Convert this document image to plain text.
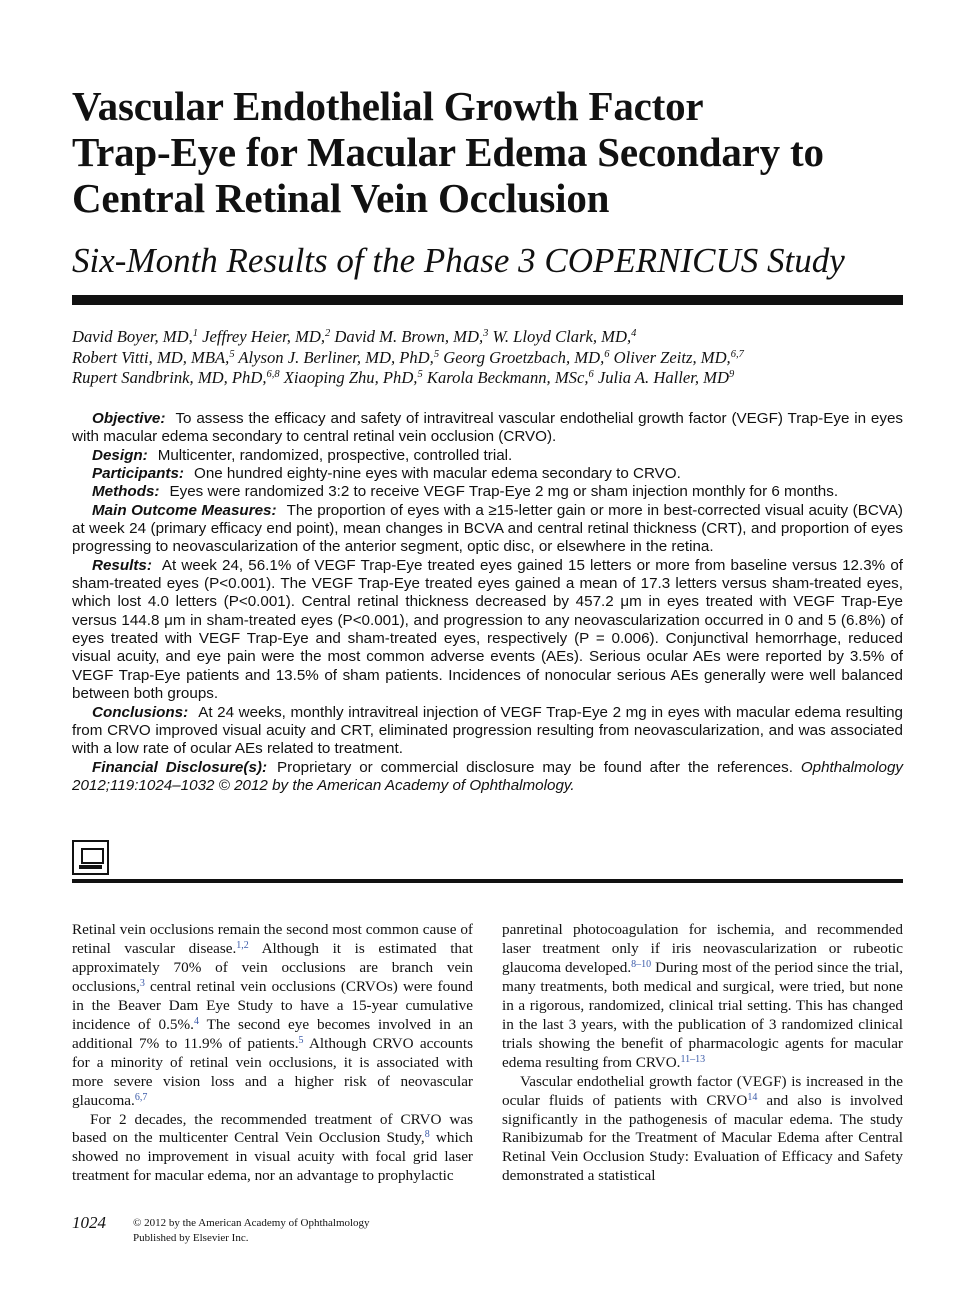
Vascular Endothelial Growth Factor
Trap-Eye for Macular Edema Secondary to
Central Retinal Vein Occlusion
Six-Month Results of the Phase 3 COPERNICUS Study
David Boyer, MD,$^1$ Jeffrey Heier, MD,$^2$ David M. Brown, MD,$^3$ W. Lloyd Clark, MD,$^4$
Robert Vitti, MD, MBA,$^5$ Alyson J. Berliner, MD, PhD,$^5$ Georg Groetzbach, MD,$^6$ Oliver Zeitz, MD,$^{6,7}$
Rupert Sandbrink, MD, PhD,$^{6,8}$ Xiaoping Zhu, PhD,$^5$ Karola Beckmann, MSc,$^6$ Julia A. Haller, $MD^9$

Objective: To assess the efficacy and safety of intravitreal vascular endothelial growth factor (VEGF) Trap-Eye in eyes with macular edema secondary to central retinal vein occlusion (CRVO).

Design: Multicenter, randomized, prospective, controlled trial.

Participants: One hundred eighty-nine eyes with macular edema secondary to CRVO.

Methods: Eyes were randomized 3:2 to receive VEGF Trap-Eye 2 mg or sham injection monthly for 6 months.

Main Outcome Measures: The proportion of eyes with a ≥15-letter gain or more in best-corrected visual acuity (BCVA) at week 24 (primary efficacy end point), mean changes in BCVA and central retinal thickness (CRT), and proportion of eyes progressing to neovascularization of the anterior segment, optic disc, or elsewhere in the retina.

Results: At week 24, 56.1% of VEGF Trap-Eye treated eyes gained 15 letters or more from baseline versus 12.3% of sham-treated eyes (P<0.001). The VEGF Trap-Eye treated eyes gained a mean of 17.3 letters versus sham-treated eyes, which lost 4.0 letters (P<0.001). Central retinal thickness decreased by 457.2 μm in eyes treated with VEGF Trap-Eye versus 144.8 μm in sham-treated eyes (P<0.001), and progression to any neovascularization occurred in 0 and 5 (6.8%) of eyes treated with VEGF Trap-Eye and sham-treated eyes, respectively (P = 0.006). Conjunctival hemorrhage, reduced visual acuity, and eye pain were the most common adverse events (AEs). Serious ocular AEs were reported by 3.5% of VEGF Trap-Eye patients and 13.5% of sham patients. Incidences of nonocular serious AEs generally were well balanced between both groups.

Conclusions: At 24 weeks, monthly intravitreal injection of VEGF Trap-Eye 2 mg in eyes with macular edema resulting from CRVO improved visual acuity and CRT, eliminated progression resulting from neovascularization, and was associated with a low rate of ocular AEs related to treatment.

Financial Disclosure(s): Proprietary or commercial disclosure may be found after the references. Ophthalmology 2012;119:1024–1032 © 2012 by the American Academy of Ophthalmology.

Retinal vein occlusions remain the second most common cause of retinal vascular disease.$^{1,2}$ Although it is estimated that approximately 70% of vein occlusions are branch vein occlusions,$^3$ central retinal vein occlusions (CRVOs) were found in the Beaver Dam Eye Study to have a 15-year cumulative incidence of 0.5%.$^4$ The second eye becomes involved in an additional 7% to 11.9% of patients.$^5$ Although CRVO accounts for a minority of retinal vein occlusions, it is associated with more severe vision loss and a higher risk of neovascular glaucoma.$^{6,7}$

For 2 decades, the recommended treatment of CRVO was based on the multicenter Central Vein Occlusion Study,$^8$ which showed no improvement in visual acuity with focal grid laser treatment for macular edema, nor an advantage to prophylactic

panretinal photocoagulation for ischemia, and recommended laser treatment only if iris neovascularization or rubeotic glaucoma developed.$^{8-10}$ During most of the period since the trial, many treatments, both medical and surgical, were tried, but none in a rigorous, randomized, clinical trial setting. This has changed in the last 3 years, with the publication of 3 randomized clinical trials showing the benefit of pharmacologic agents for macular edema resulting from CRVO.$^{11-13}$

Vascular endothelial growth factor (VEGF) is increased in the ocular fluids of patients with CRVO$^{14}$ and also is involved significantly in the pathogenesis of macular edema. The study Ranibizumab for the Treatment of Macular Edema after Central Retinal Vein Occlusion Study: Evaluation of Efficacy and Safety demonstrated a statistical

1024 © 2012 by the American Academy of Ophthalmology
Published by Elsevier Inc.
